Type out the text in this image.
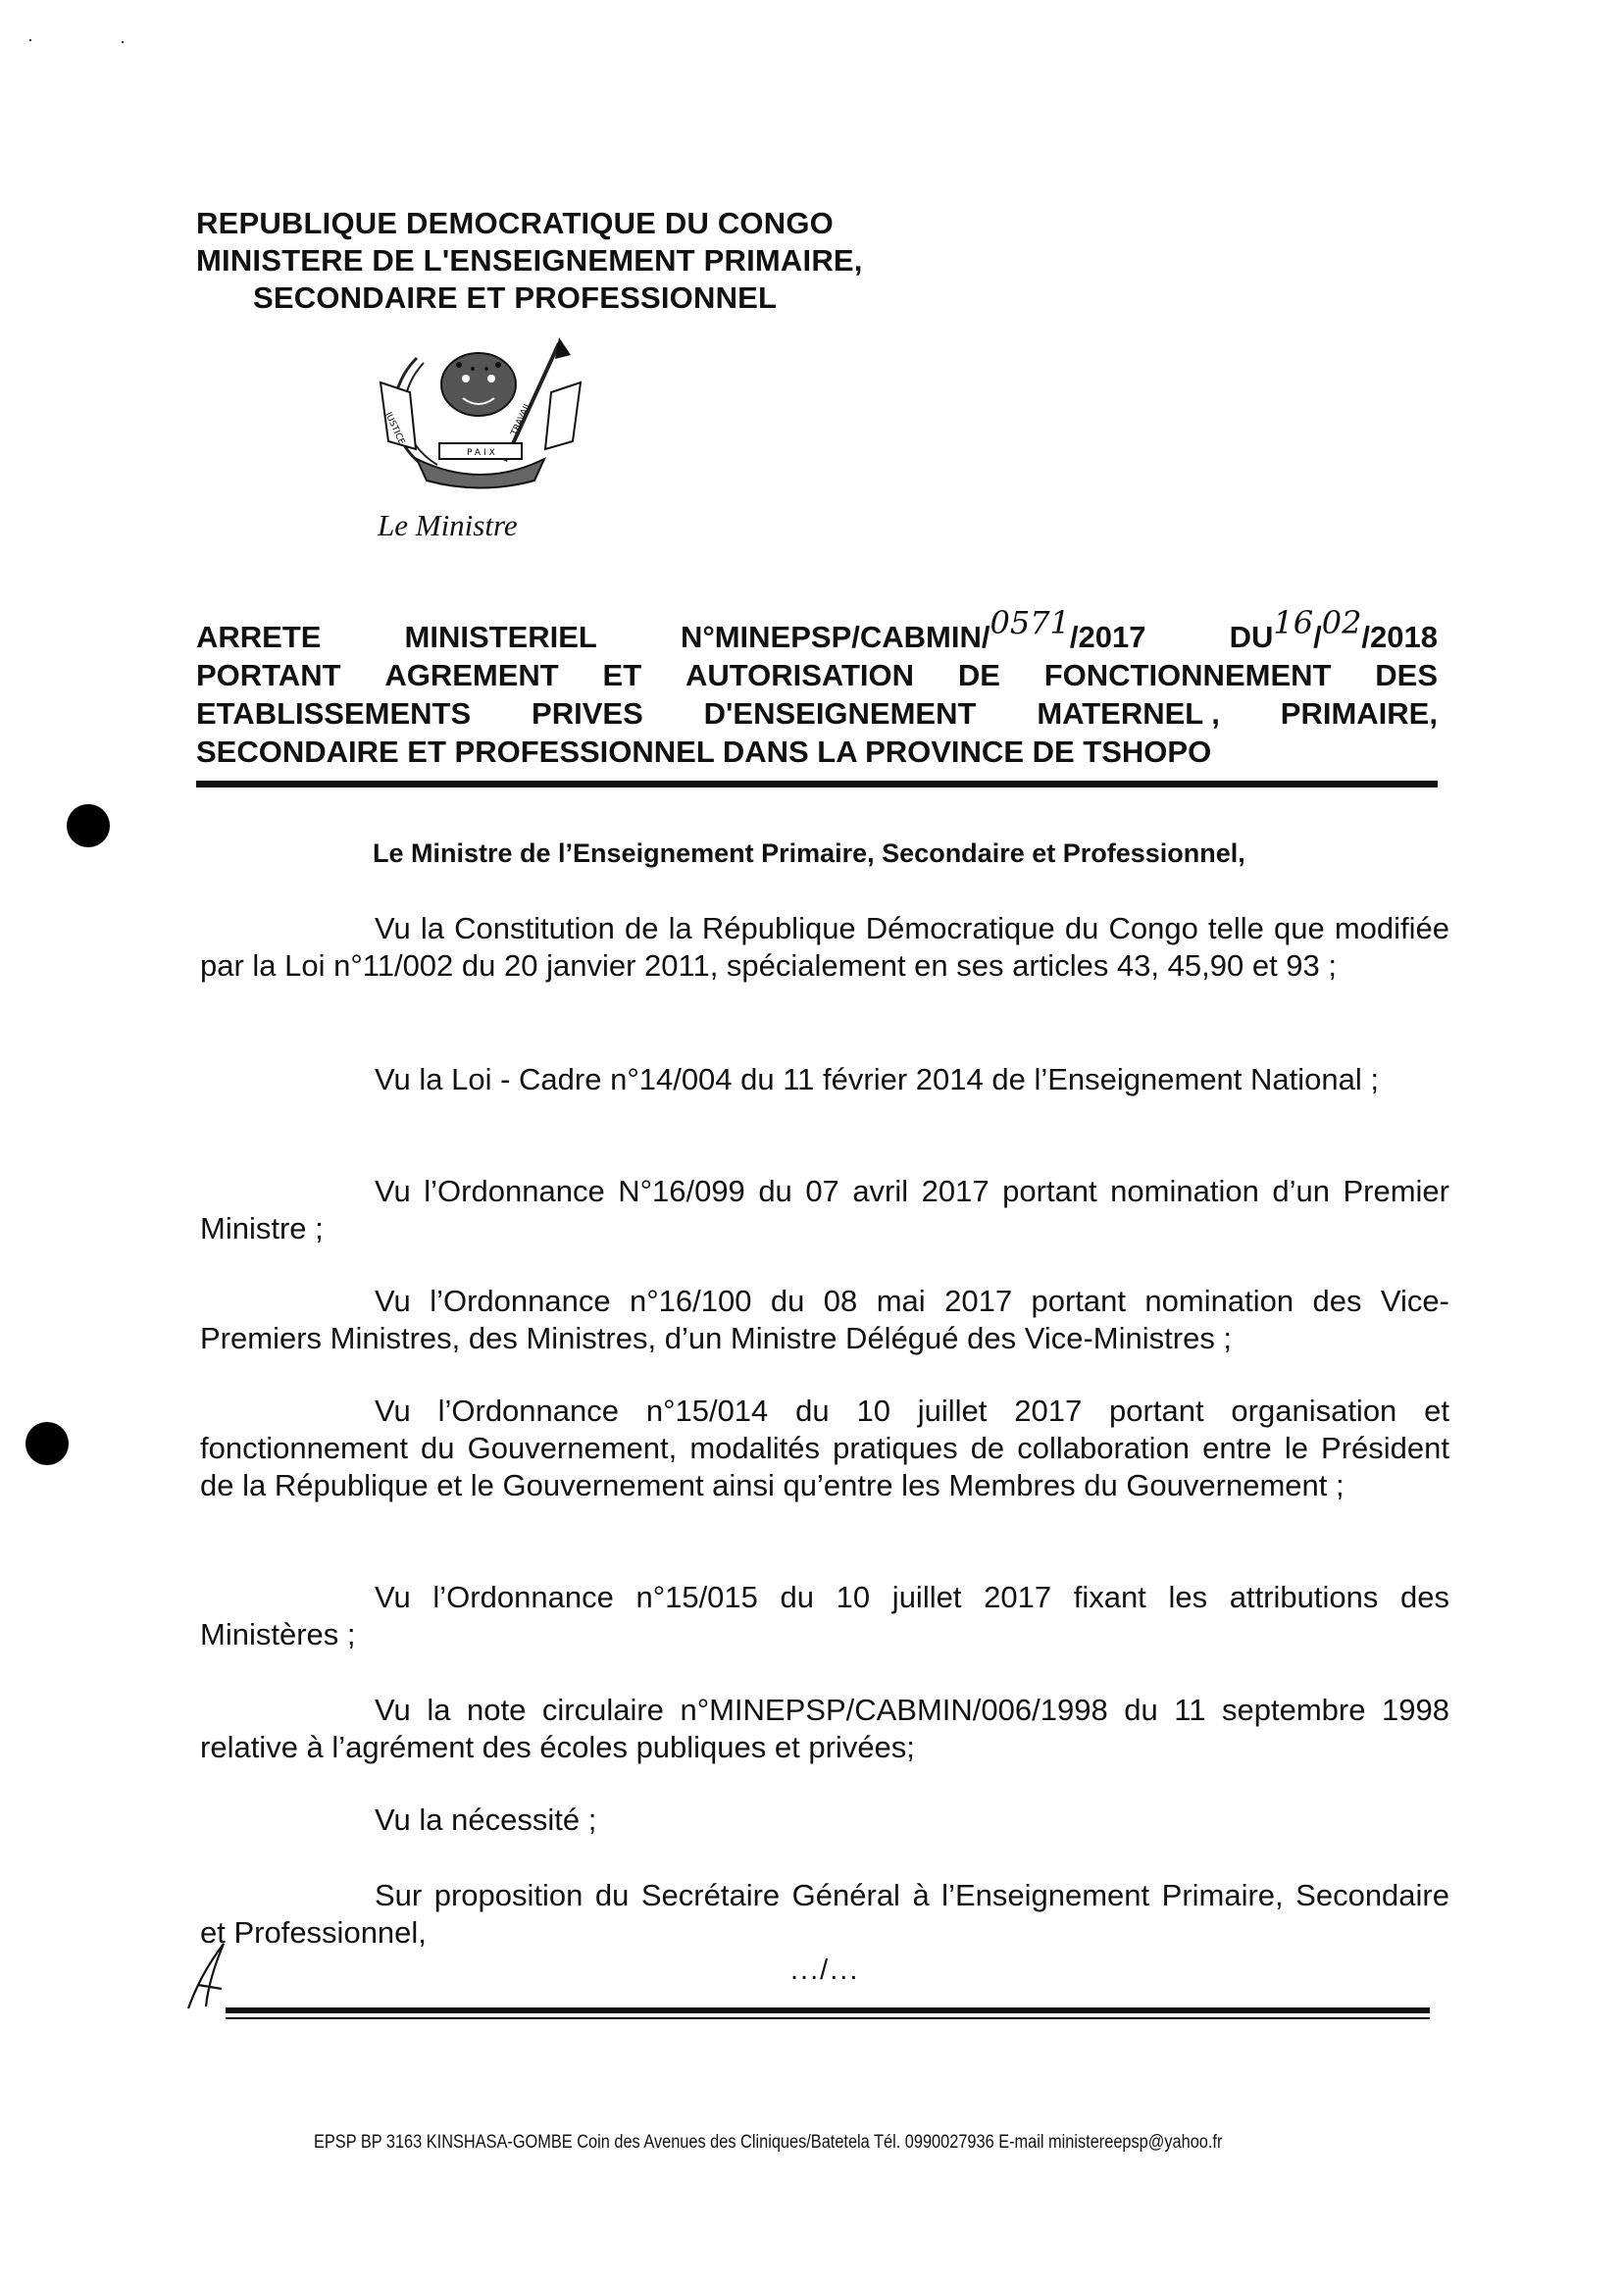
REPUBLIQUE DEMOCRATIQUE DU CONGO
MINISTERE DE L'ENSEIGNEMENT PRIMAIRE,
SECONDAIRE ET PROFESSIONNEL
JUSTICE
PAIX
TRAVAIL
Le Ministre
ARRETE	MINISTERIEL	N°MINEPSP/CABMIN/0571/2017	DU16/02/2018
PORTANT AGREMENT ET AUTORISATION DE FONCTIONNEMENT DES
ETABLISSEMENTS PRIVES D'ENSEIGNEMENT MATERNEL , PRIMAIRE,
SECONDAIRE ET PROFESSIONNEL DANS LA PROVINCE DE TSHOPO
Le Ministre de l’Enseignement Primaire, Secondaire et Professionnel,
Vu la Constitution de la République Démocratique du Congo telle que modifiée par la Loi n°11/002 du 20 janvier 2011, spécialement en ses articles 43, 45,90 et 93 ;
Vu la Loi - Cadre n°14/004 du 11 février 2014 de l’Enseignement National ;
Vu l’Ordonnance N°16/099 du 07 avril 2017 portant nomination d’un Premier Ministre ;
Vu l’Ordonnance n°16/100 du 08 mai 2017 portant nomination des Vice-Premiers Ministres, des Ministres, d’un Ministre Délégué des Vice-Ministres ;
Vu l’Ordonnance n°15/014 du 10 juillet 2017 portant organisation et fonctionnement du Gouvernement, modalités pratiques de collaboration entre le Président de la République et le Gouvernement ainsi qu’entre les Membres du Gouvernement ;
Vu l’Ordonnance n°15/015 du 10 juillet 2017 fixant les attributions des Ministères ;
Vu la note circulaire n°MINEPSP/CABMIN/006/1998 du 11 septembre 1998 relative à l’agrément des écoles publiques et privées;
Vu la nécessité ;
Sur proposition du Secrétaire Général à l’Enseignement Primaire, Secondaire et Professionnel,
.../...
EPSP BP 3163 KINSHASA-GOMBE Coin des Avenues des Cliniques/Batetela Tél. 0990027936 E-mail ministereepsp@yahoo.fr
